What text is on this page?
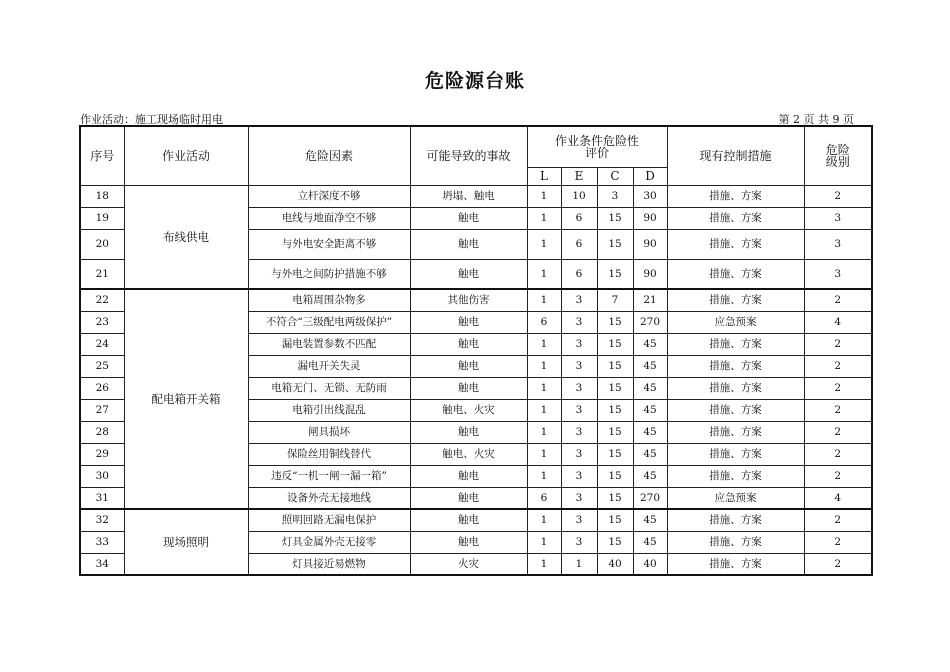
危险源台账
作业活动：施工现场临时用电	第 2 页 共 9 页
序号	作业活动	危险因素	可能导致的事故	作业条件危险性评价				现有控制措施	危险级别
				L	E	C	D		
18	布线供电	立杆深度不够	坍塌、触电	1	10	3	30	措施、方案	2
19		电线与地面净空不够	触电	1	6	15	90	措施、方案	3
20		与外电安全距离不够	触电	1	6	15	90	措施、方案	3
21		与外电之间防护措施不够	触电	1	6	15	90	措施、方案	3
22	配电箱开关箱	电箱周围杂物多	其他伤害	1	3	7	21	措施、方案	2
23		不符合“三级配电两级保护”	触电	6	3	15	270	应急预案	4
24		漏电装置参数不匹配	触电	1	3	15	45	措施、方案	2
25		漏电开关失灵	触电	1	3	15	45	措施、方案	2
26		电箱无门、无锁、无防雨	触电	1	3	15	45	措施、方案	2
27		电箱引出线混乱	触电、火灾	1	3	15	45	措施、方案	2
28		闸具损坏	触电	1	3	15	45	措施、方案	2
29		保险丝用铜线替代	触电、火灾	1	3	15	45	措施、方案	2
30		违反“一机一闸一漏一箱”	触电	1	3	15	45	措施、方案	2
31		设备外壳无接地线	触电	6	3	15	270	应急预案	4
32	现场照明	照明回路无漏电保护	触电	1	3	15	45	措施、方案	2
33		灯具金属外壳无接零	触电	1	3	15	45	措施、方案	2
34		灯具接近易燃物	火灾	1	1	40	40	措施、方案	2
